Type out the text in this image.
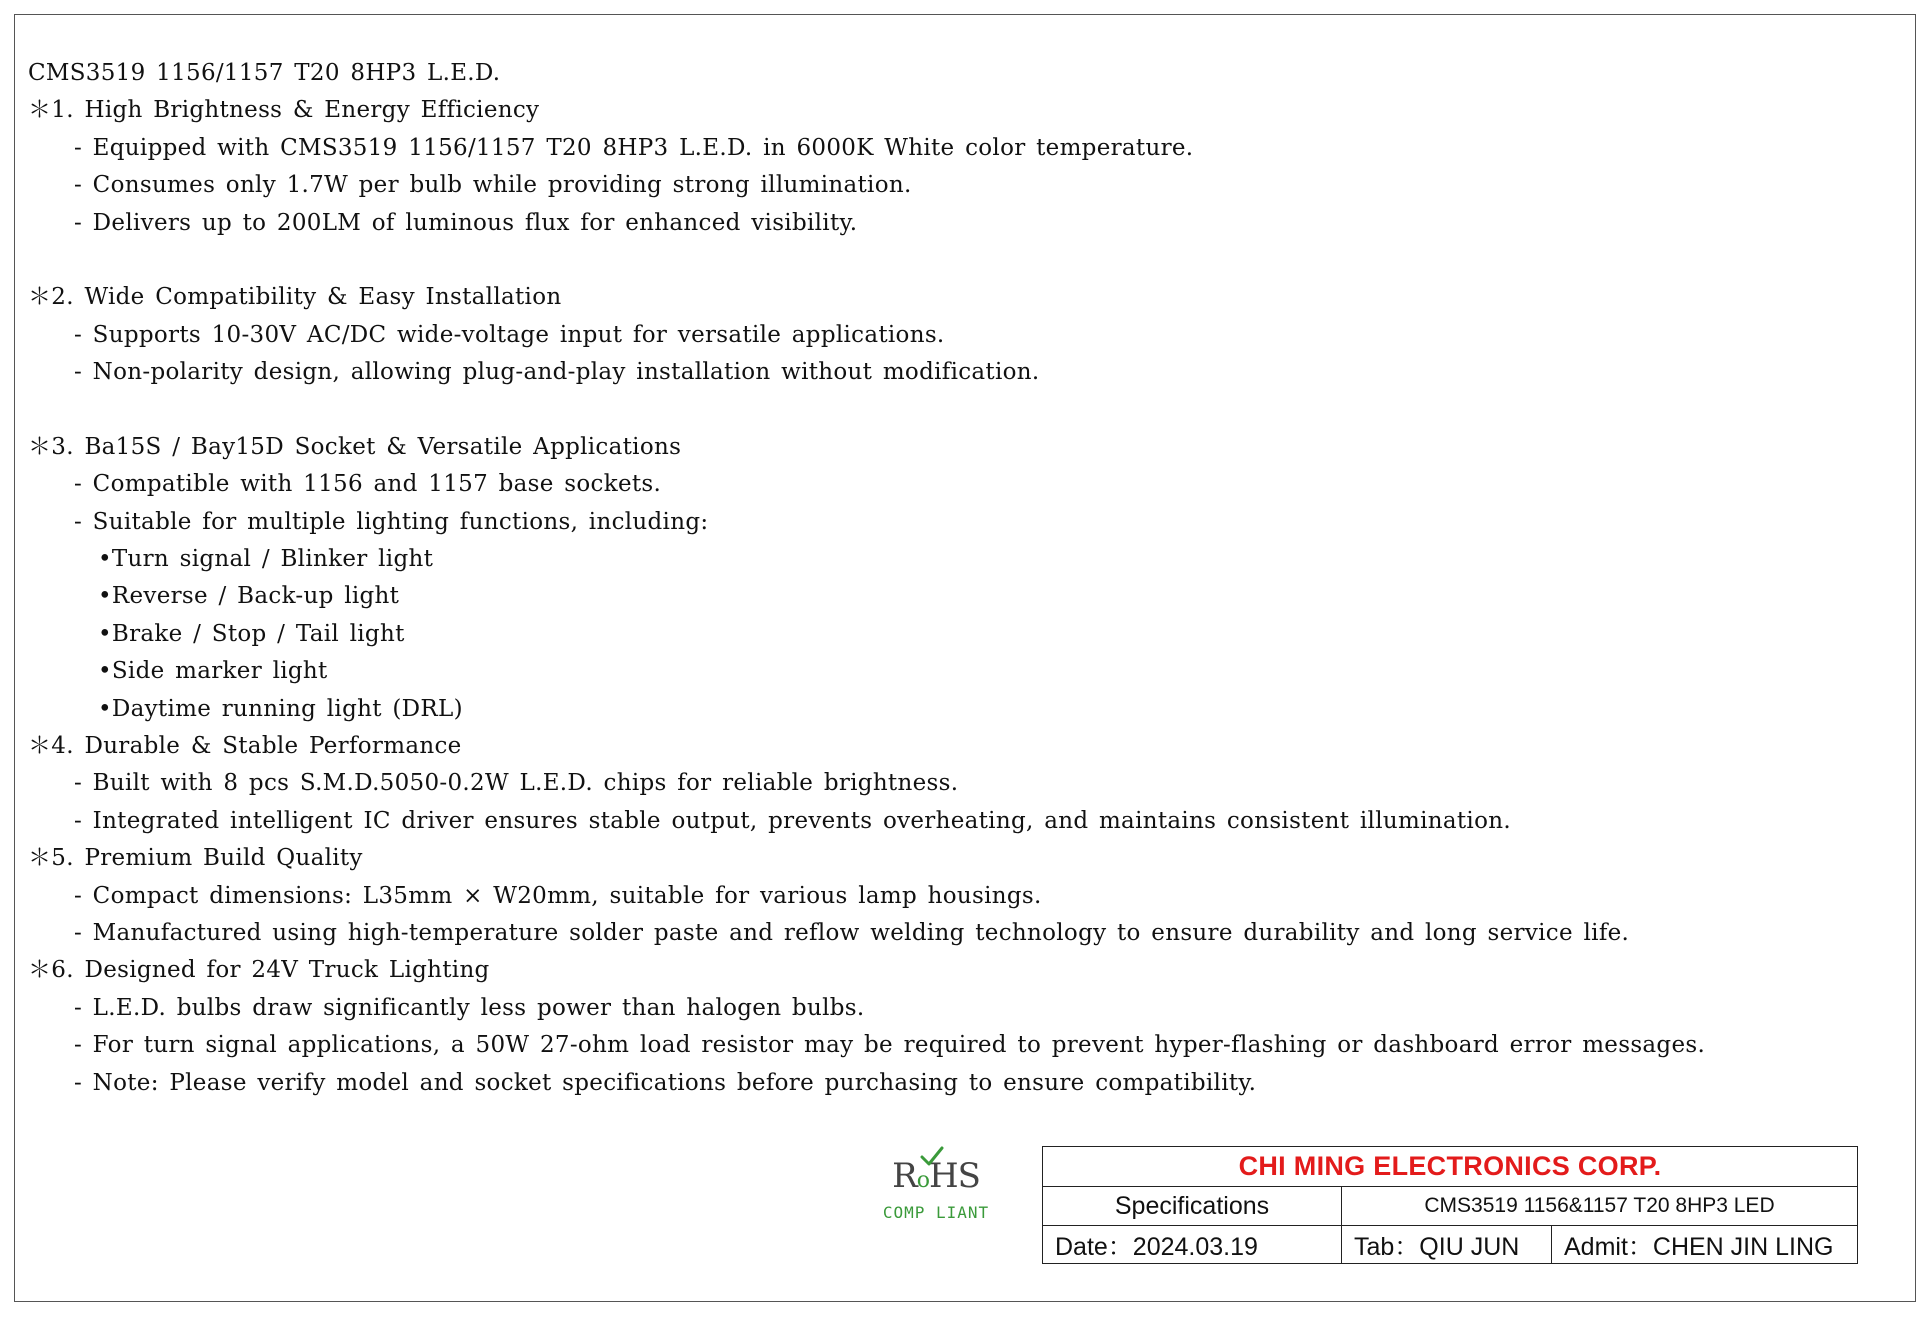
CMS3519 1156/1157 T20 8HP3 L.E.D.
＊1. High Brightness & Energy Efficiency
- Equipped with CMS3519 1156/1157 T20 8HP3 L.E.D. in 6000K White color temperature.
- Consumes only 1.7W per bulb while providing strong illumination.
- Delivers up to 200LM of luminous flux for enhanced visibility.
＊2. Wide Compatibility & Easy Installation
- Supports 10-30V AC/DC wide-voltage input for versatile applications.
- Non-polarity design, allowing plug-and-play installation without modification.
＊3. Ba15S / Bay15D Socket & Versatile Applications
- Compatible with 1156 and 1157 base sockets.
- Suitable for multiple lighting functions, including:
•Turn signal / Blinker light
•Reverse / Back-up light
•Brake / Stop / Tail light
•Side marker light
•Daytime running light (DRL)
＊4. Durable & Stable Performance
- Built with 8 pcs S.M.D.5050-0.2W L.E.D. chips for reliable brightness.
- Integrated intelligent IC driver ensures stable output, prevents overheating, and maintains consistent illumination.
＊5. Premium Build Quality
- Compact dimensions: L35mm × W20mm, suitable for various lamp housings.
- Manufactured using high-temperature solder paste and reflow welding technology to ensure durability and long service life.
＊6. Designed for 24V Truck Lighting
- L.E.D. bulbs draw significantly less power than halogen bulbs.
- For turn signal applications, a 50W 27-ohm load resistor may be required to prevent hyper-flashing or dashboard error messages.
- Note: Please verify model and socket specifications before purchasing to ensure compatibility.
RoHS
COMP LIANT
CHI MING ELECTRONICS CORP.
Specifications	CMS3519 1156&1157 T20 8HP3 LED
Date：2024.03.19	Tab：QIU JUN	Admit：CHEN JIN LING
